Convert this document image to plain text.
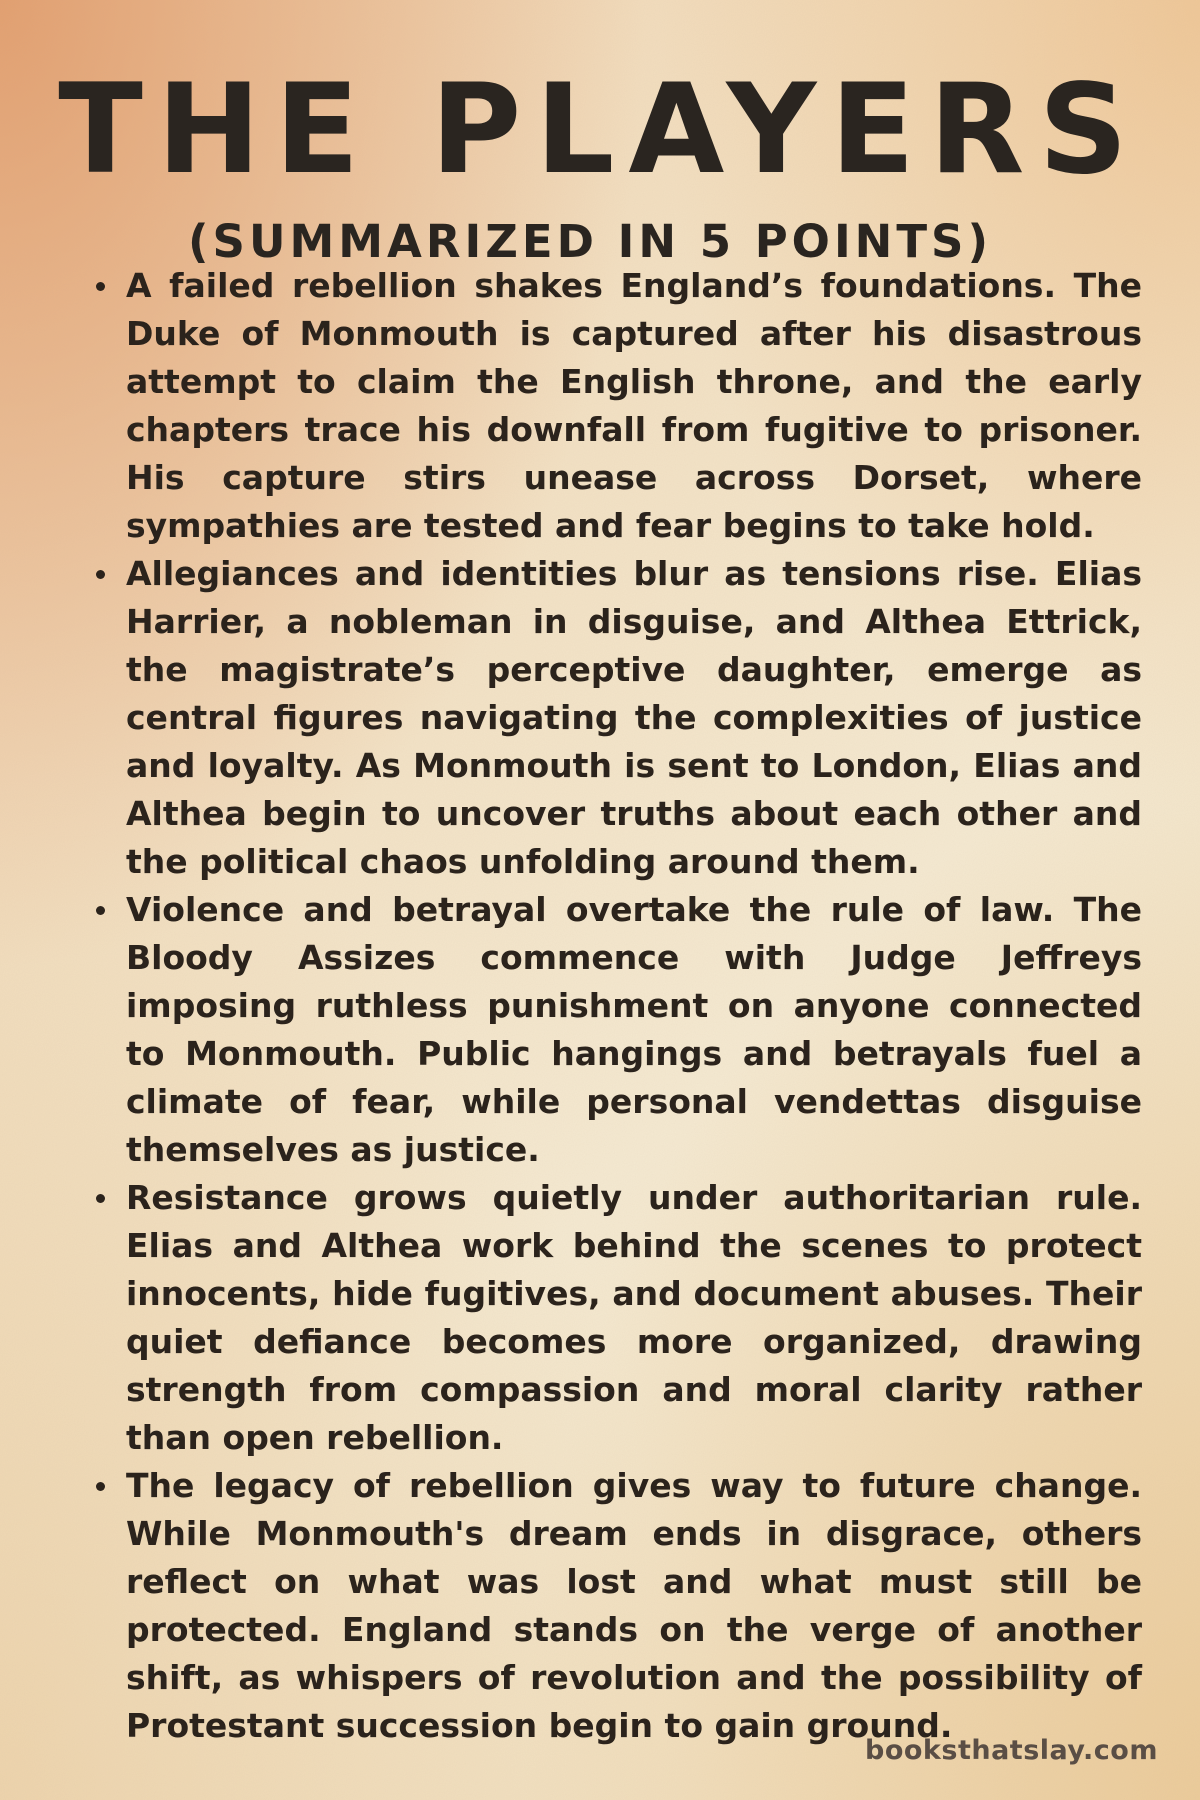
THE PLAYERS
(SUMMARIZED IN 5 POINTS)
A failed rebellion shakes England’s foundations. The Duke of Monmouth is captured after his disastrous attempt to claim the English throne, and the early chapters trace his downfall from fugitive to prisoner. His capture stirs unease across Dorset, where sympathies are tested and fear begins to take hold.
Allegiances and identities blur as tensions rise. Elias Harrier, a nobleman in disguise, and Althea Ettrick, the magistrate’s perceptive daughter, emerge as central figures navigating the complexities of justice and loyalty. As Monmouth is sent to London, Elias and Althea begin to uncover truths about each other and the political chaos unfolding around them.
Violence and betrayal overtake the rule of law. The Bloody Assizes commence with Judge Jeffreys imposing ruthless punishment on anyone connected to Monmouth. Public hangings and betrayals fuel a climate of fear, while personal vendettas disguise themselves as justice.
Resistance grows quietly under authoritarian rule. Elias and Althea work behind the scenes to protect innocents, hide fugitives, and document abuses. Their quiet defiance becomes more organized, drawing strength from compassion and moral clarity rather than open rebellion.
The legacy of rebellion gives way to future change. While Monmouth's dream ends in disgrace, others reflect on what was lost and what must still be protected. England stands on the verge of another shift, as whispers of revolution and the possibility of Protestant succession begin to gain ground.
booksthatslay.com
